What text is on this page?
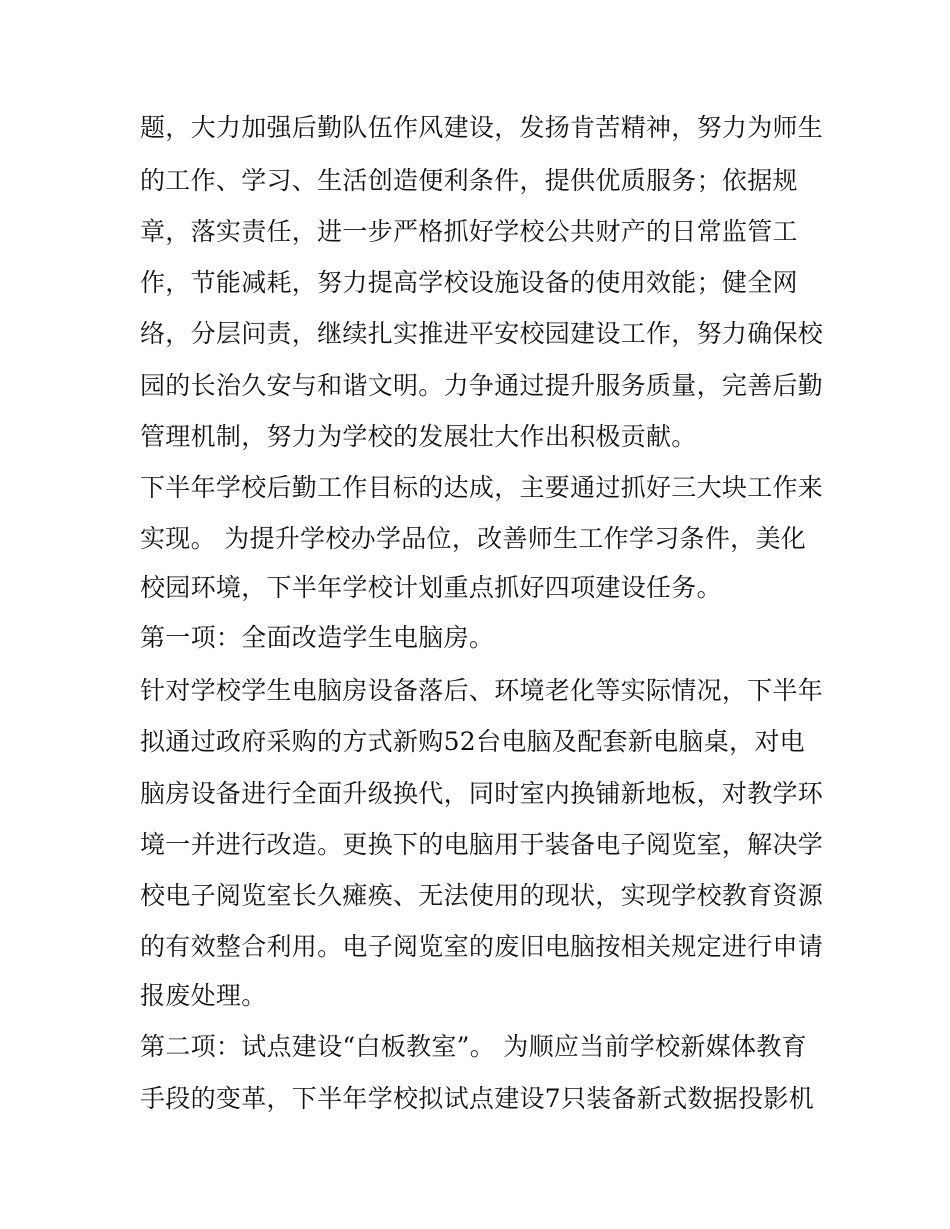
题，大力加强后勤队伍作风建设，发扬肯苦精神，努力为师生
的工作、学习、生活创造便利条件，提供优质服务；依据规
章，落实责任，进一步严格抓好学校公共财产的日常监管工
作，节能减耗，努力提高学校设施设备的使用效能；健全网
络，分层问责，继续扎实推进平安校园建设工作，努力确保校
园的长治久安与和谐文明。力争通过提升服务质量，完善后勤
管理机制，努力为学校的发展壮大作出积极贡献。
下半年学校后勤工作目标的达成，主要通过抓好三大块工作来
实现。 为提升学校办学品位，改善师生工作学习条件，美化
校园环境，下半年学校计划重点抓好四项建设任务。
第一项：全面改造学生电脑房。
针对学校学生电脑房设备落后、环境老化等实际情况，下半年
拟通过政府采购的方式新购52台电脑及配套新电脑桌，对电
脑房设备进行全面升级换代，同时室内换铺新地板，对教学环
境一并进行改造。更换下的电脑用于装备电子阅览室，解决学
校电子阅览室长久瘫痪、无法使用的现状，实现学校教育资源
的有效整合利用。电子阅览室的废旧电脑按相关规定进行申请
报废处理。
第二项：试点建设“白板教室”。 为顺应当前学校新媒体教育
手段的变革，下半年学校拟试点建设7只装备新式数据投影机
